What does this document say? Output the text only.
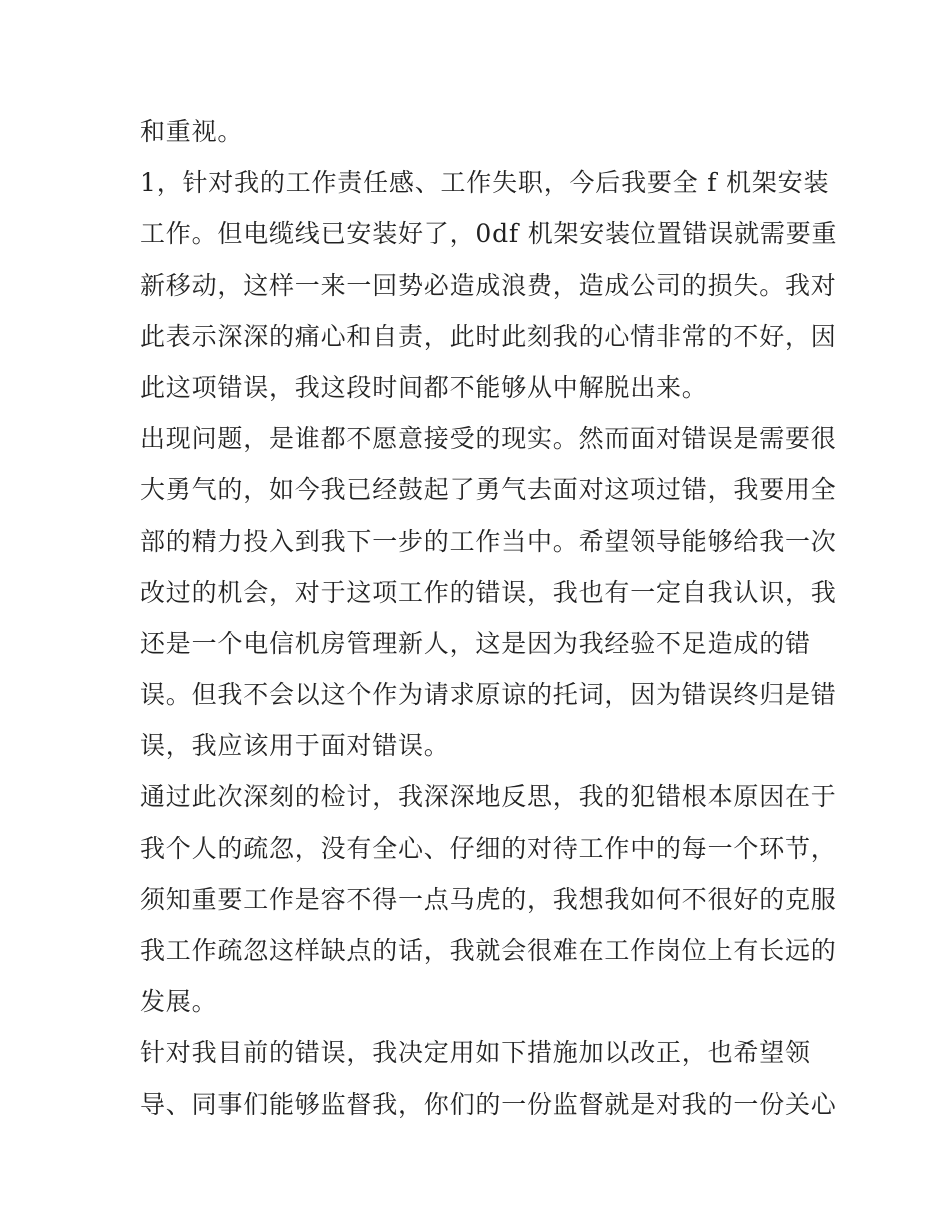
和重视。
1，针对我的工作责任感、工作失职，今后我要全 f 机架安装
工作。但电缆线已安装好了，0df 机架安装位置错误就需要重
新移动，这样一来一回势必造成浪费，造成公司的损失。我对
此表示深深的痛心和自责，此时此刻我的心情非常的不好，因
此这项错误，我这段时间都不能够从中解脱出来。
出现问题，是谁都不愿意接受的现实。然而面对错误是需要很
大勇气的，如今我已经鼓起了勇气去面对这项过错，我要用全
部的精力投入到我下一步的工作当中。希望领导能够给我一次
改过的机会，对于这项工作的错误，我也有一定自我认识，我
还是一个电信机房管理新人，这是因为我经验不足造成的错
误。但我不会以这个作为请求原谅的托词，因为错误终归是错
误，我应该用于面对错误。
通过此次深刻的检讨，我深深地反思，我的犯错根本原因在于
我个人的疏忽，没有全心、仔细的对待工作中的每一个环节，
须知重要工作是容不得一点马虎的，我想我如何不很好的克服
我工作疏忽这样缺点的话，我就会很难在工作岗位上有长远的
发展。
针对我目前的错误，我决定用如下措施加以改正，也希望领
导、同事们能够监督我，你们的一份监督就是对我的一份关心
